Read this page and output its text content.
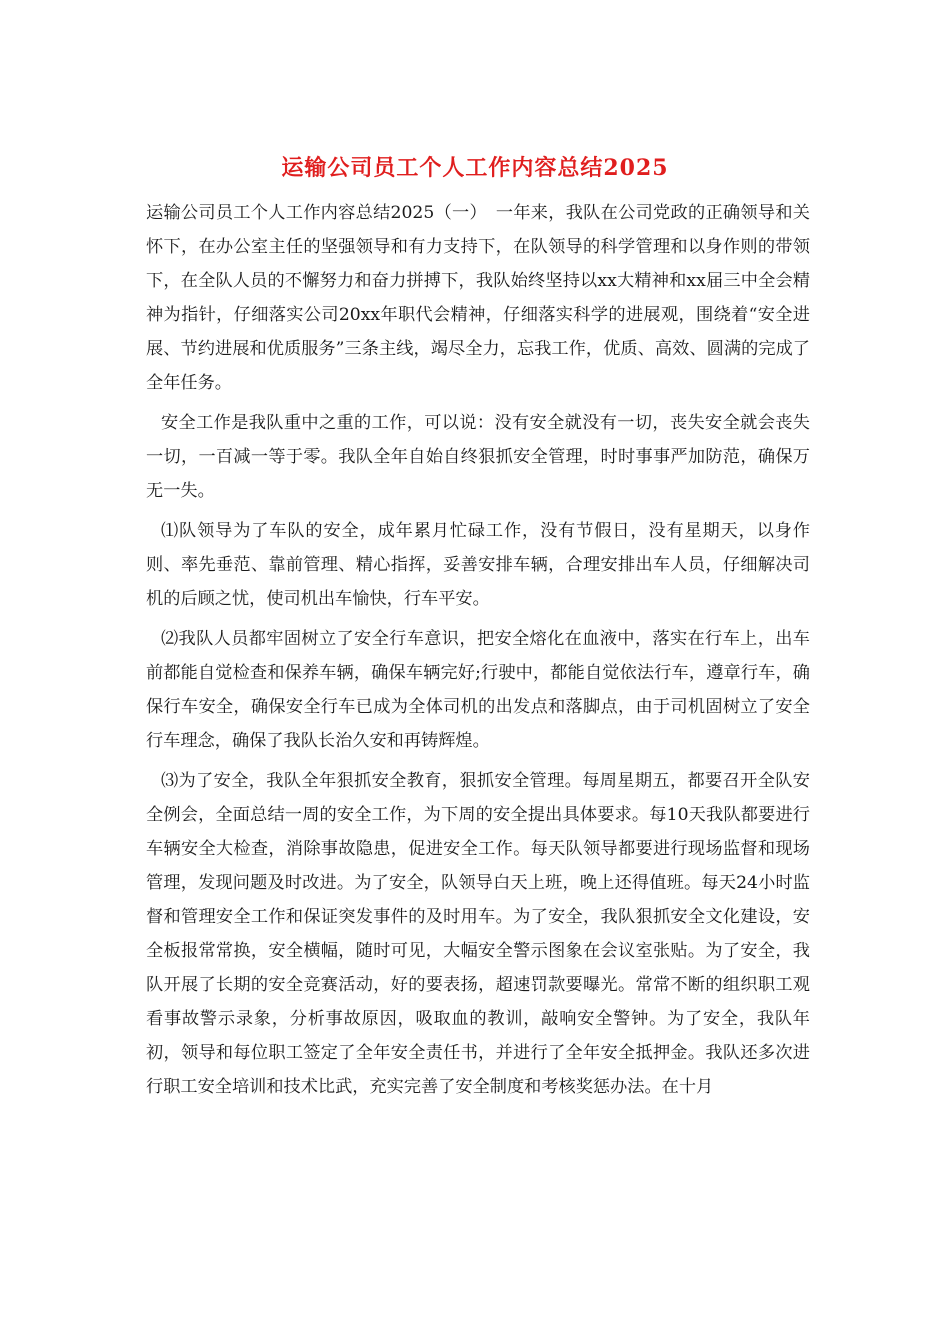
运输公司员工个人工作内容总结2025

运输公司员工个人工作内容总结2025（一）　一年来，我队在公司党政的正确领导和关怀下，在办公室主任的坚强领导和有力支持下，在队领导的科学管理和以身作则的带领下，在全队人员的不懈努力和奋力拼搏下，我队始终坚持以xx大精神和xx届三中全会精神为指针，仔细落实公司20xx年职代会精神，仔细落实科学的进展观，围绕着“安全进展、节约进展和优质服务”三条主线，竭尽全力，忘我工作，优质、高效、圆满的完成了全年任务。

安全工作是我队重中之重的工作，可以说：没有安全就没有一切，丧失安全就会丧失一切，一百减一等于零。我队全年自始自终狠抓安全管理，时时事事严加防范，确保万无一失。

⑴队领导为了车队的安全，成年累月忙碌工作，没有节假日，没有星期天，以身作则、率先垂范、靠前管理、精心指挥，妥善安排车辆，合理安排出车人员，仔细解决司机的后顾之忧，使司机出车愉快，行车平安。

⑵我队人员都牢固树立了安全行车意识，把安全熔化在血液中，落实在行车上，出车前都能自觉检查和保养车辆，确保车辆完好;行驶中，都能自觉依法行车，遵章行车，确保行车安全，确保安全行车已成为全体司机的出发点和落脚点，由于司机固树立了安全行车理念，确保了我队长治久安和再铸辉煌。

⑶为了安全，我队全年狠抓安全教育，狠抓安全管理。每周星期五，都要召开全队安全例会，全面总结一周的安全工作，为下周的安全提出具体要求。每10天我队都要进行车辆安全大检查，消除事故隐患，促进安全工作。每天队领导都要进行现场监督和现场管理，发现问题及时改进。为了安全，队领导白天上班，晚上还得值班。每天24小时监督和管理安全工作和保证突发事件的及时用车。为了安全，我队狠抓安全文化建设，安全板报常常换，安全横幅，随时可见，大幅安全警示图象在会议室张贴。为了安全，我队开展了长期的安全竞赛活动，好的要表扬，超速罚款要曝光。常常不断的组织职工观看事故警示录象，分析事故原因，吸取血的教训，敲响安全警钟。为了安全，我队年初，领导和每位职工签定了全年安全责任书，并进行了全年安全抵押金。我队还多次进行职工安全培训和技术比武，充实完善了安全制度和考核奖惩办法。在十月
